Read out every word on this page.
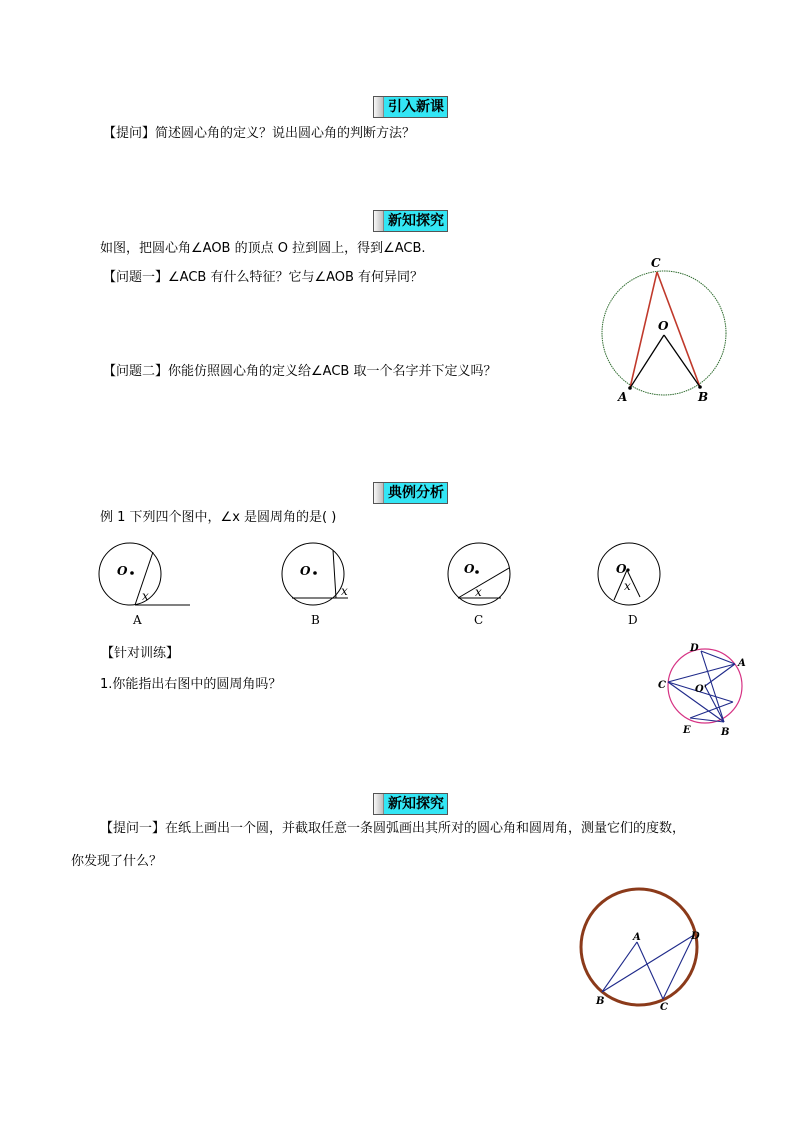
引入新课
【提问】简述圆心角的定义？说出圆心角的判断方法？
新知探究
如图，把圆心角∠AOB 的顶点 O 拉到圆上，得到∠ACB.
【问题一】∠ACB 有什么特征？它与∠AOB 有何异同？
【问题二】你能仿照圆心角的定义给∠ACB 取一个名字并下定义吗？
C
O
A	B
典例分析
例 1 下列四个图中，∠x 是圆周角的是( )
O
x
A
O
x
B
O
x
C
O
x
D
【针对训练】
1.你能指出右图中的圆周角吗？
D
A
C	O'
E	B
新知探究
【提问一】在纸上画出一个圆，并截取任意一条圆弧画出其所对的圆心角和圆周角，测量它们的度数，
你发现了什么？
A	D
B
C
